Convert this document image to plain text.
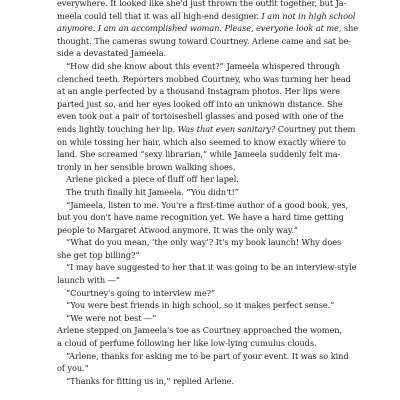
everywhere. It looked like she'd just thrown the outfit together, but Ja-
meela could tell that it was all high-end designer. I am not in high school
anymore. I am an accomplished woman. Please, everyone look at me, she
thought. The cameras swung toward Courtney. Arlene came and sat be-
side a devastated Jameela.
“How did she know about this event?” Jameela whispered through
clenched teeth. Reporters mobbed Courtney, who was turning her head
at an angle perfected by a thousand Instagram photos. Her lips were
parted just so, and her eyes looked off into an unknown distance. She
even took out a pair of tortoiseshell glasses and posed with one of the
ends lightly touching her lip. Was that even sanitary? Courtney put them
on while tossing her hair, which also seemed to know exactly where to
land. She screamed “sexy librarian,” while Jameela suddenly felt ma-
tronly in her sensible brown walking shoes.
Arlene picked a piece of fluff off her lapel.
The truth finally hit Jameela. “You didn't!”
“Jameela, listen to me. You're a first-time author of a good book, yes,
but you don't have name recognition yet. We have a hard time getting
people to Margaret Atwood anymore. It was the only way.”
“What do you mean, ‘the only way’? It's my book launch! Why does
she get top billing?”
“I may have suggested to her that it was going to be an interview-style
launch with —”
“Courtney's going to interview me?”
“You were best friends in high school, so it makes perfect sense.”
“We were not best —”
Arlene stepped on Jameela's toe as Courtney approached the women,
a cloud of perfume following her like low-lying cumulus clouds.
“Arlene, thanks for asking me to be part of your event. It was so kind
of you.”
“Thanks for fitting us in,” replied Arlene.
